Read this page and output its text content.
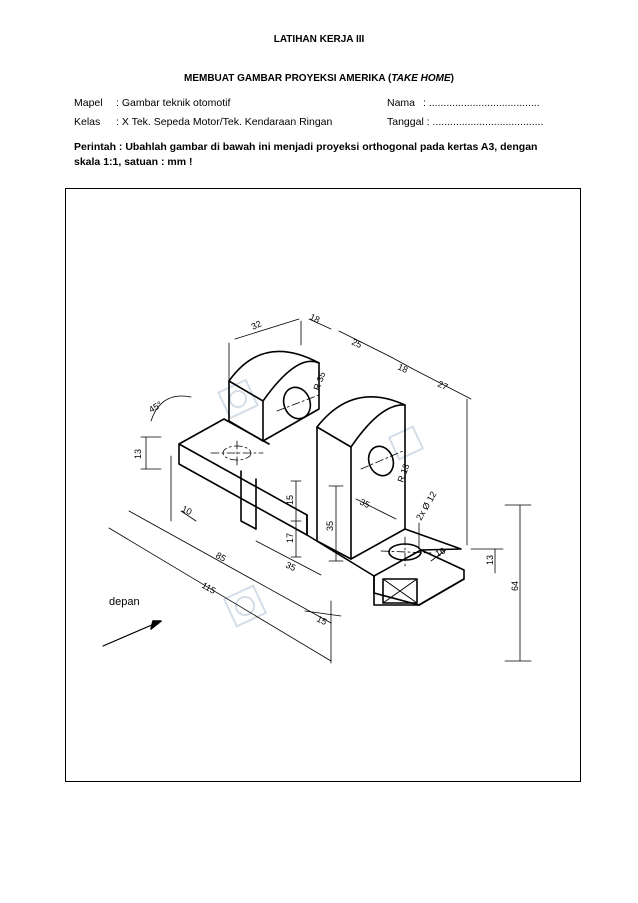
LATIHAN KERJA III
MEMBUAT GAMBAR PROYEKSI AMERIKA (TAKE HOME)
Mapel : Gambar teknik otomotif
Kelas : X Tek. Sepeda Motor/Tek. Kendaraan Ringan
Nama : ......................................
Tanggal : ......................................
Perintah : Ubahlah gambar di bawah ini menjadi proyeksi orthogonal pada kertas A3, dengan skala 1:1, satuan : mm !
32
18
25
18
27
R 35
45°
13
10
15
17
35
35
35
R 13
2x Ø 12
16
13
64
85
115
15
depan
